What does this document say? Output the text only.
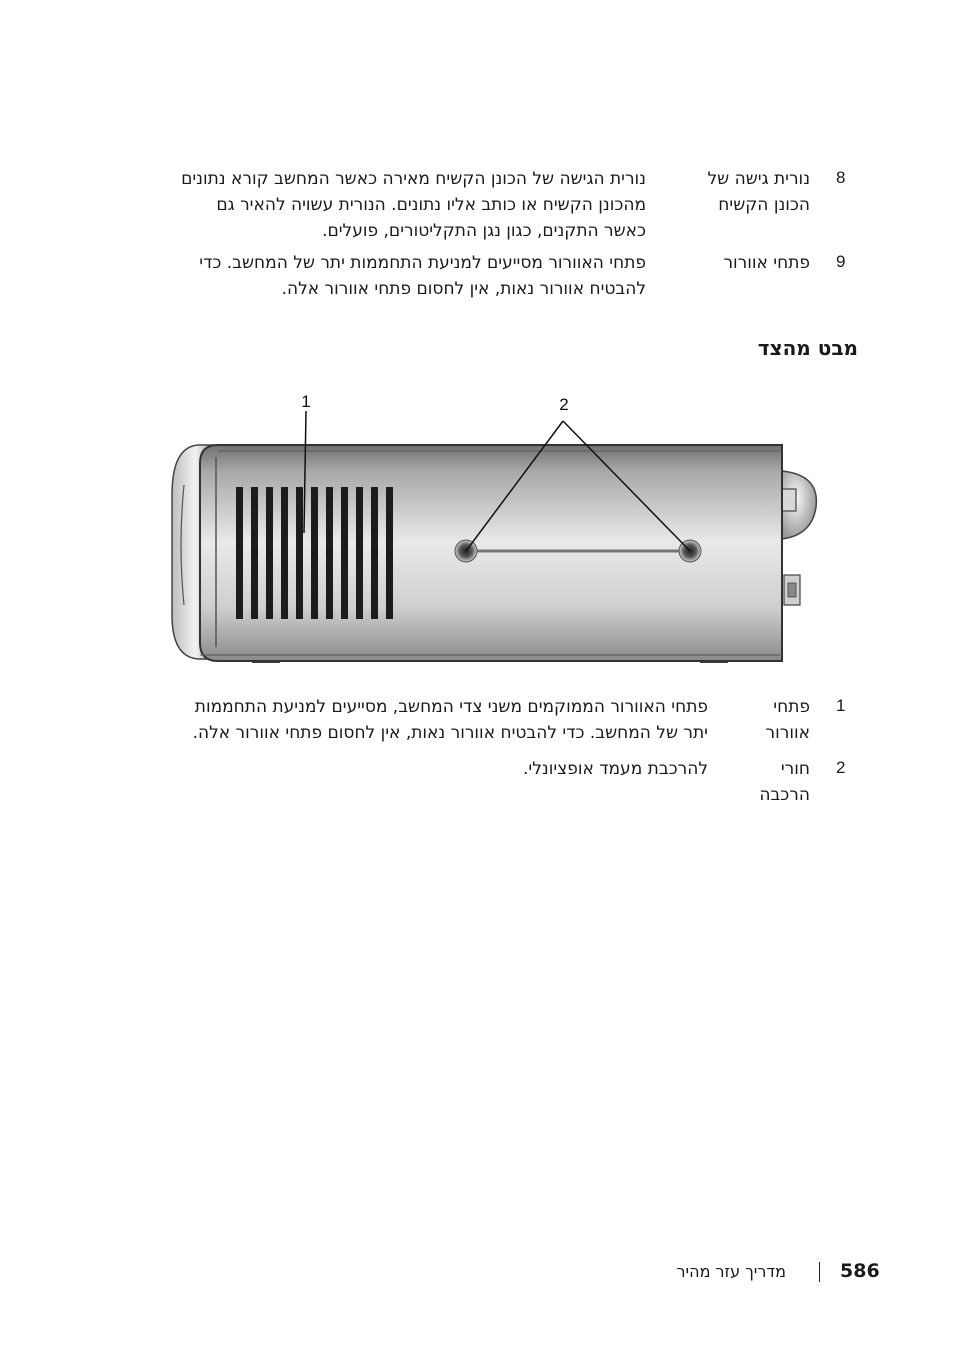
8
נורית גישה של
הכונן הקשיח

נורית הגישה של הכונן הקשיח מאירה כאשר המחשב קורא נתונים

מהכונן הקשיח או כותב אליו נתונים. הנורית עשויה להאיר גם

כאשר התקנים, כגון נגן התקליטורים, פועלים.

9
פתחי אוורור

פתחי האוורור מסייעים למניעת התחממות יתר של המחשב. כדי

להבטיח אוורור נאות, אין לחסום פתחי אוורור אלה.

מבט מהצד
1	2
1
פתחי
אוורור

פתחי האוורור הממוקמים משני צדי המחשב, מסייעים למניעת התחממות

יתר של המחשב. כדי להבטיח אוורור נאות, אין לחסום פתחי אוורור אלה.

2
חורי
הרכבה

להרכבת מעמד אופציונלי.

מדריך עזר מהיר	586
